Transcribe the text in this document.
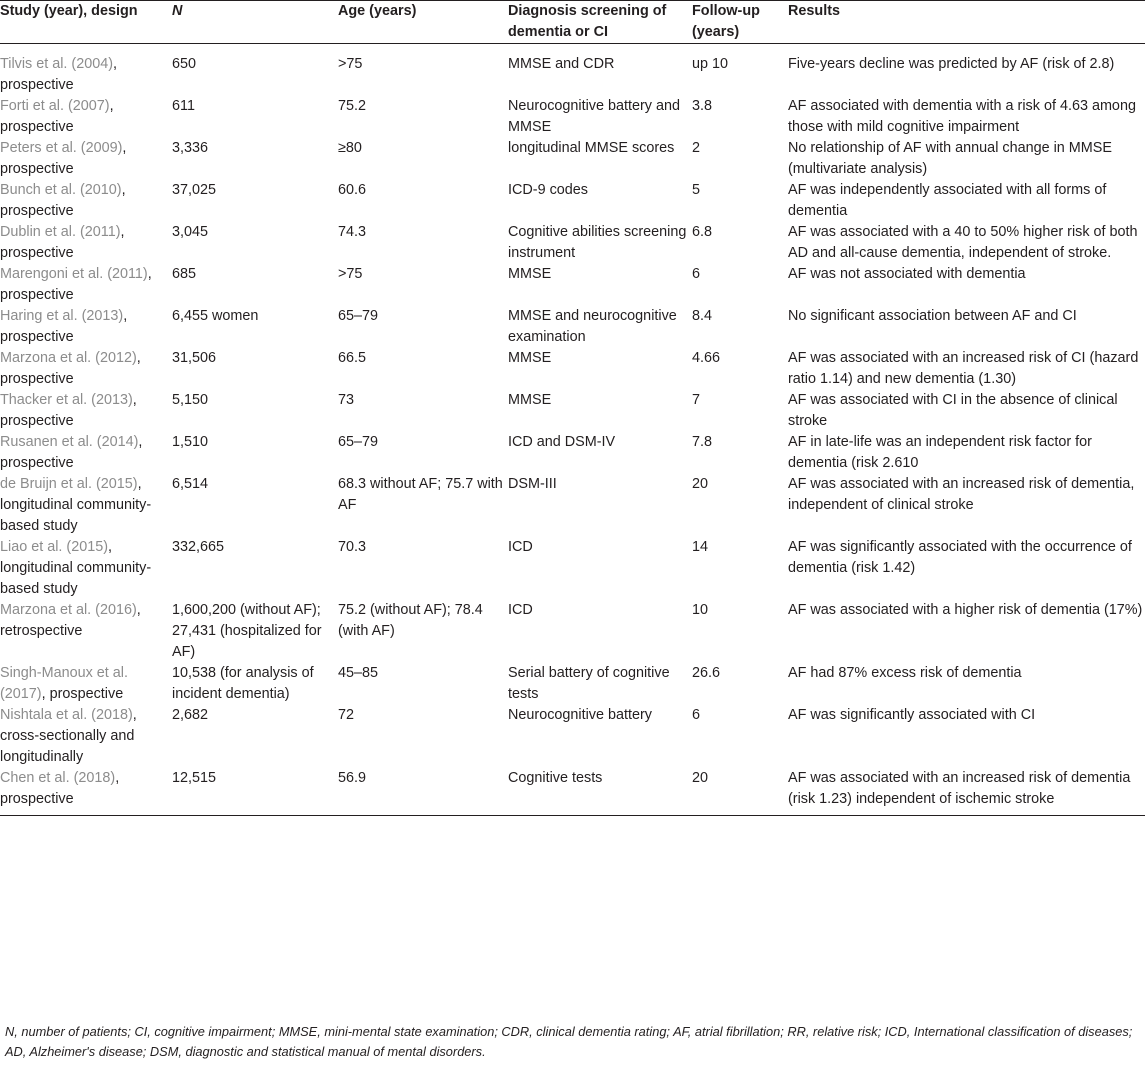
Study (year), design	N	Age (years)	Diagnosis screening of dementia or CI	Follow-up (years)	Results
Tilvis et al. (2004), prospective	650	>75	MMSE and CDR	up 10	Five-years decline was predicted by AF (risk of 2.8)
Forti et al. (2007), prospective	611	75.2	Neurocognitive battery and MMSE	3.8	AF associated with dementia with a risk of 4.63 among those with mild cognitive impairment
Peters et al. (2009), prospective	3,336	≥80	longitudinal MMSE scores	2	No relationship of AF with annual change in MMSE (multivariate analysis)
Bunch et al. (2010), prospective	37,025	60.6	ICD-9 codes	5	AF was independently associated with all forms of dementia
Dublin et al. (2011), prospective	3,045	74.3	Cognitive abilities screening instrument	6.8	AF was associated with a 40 to 50% higher risk of both AD and all-cause dementia, independent of stroke.
Marengoni et al. (2011), prospective	685	>75	MMSE	6	AF was not associated with dementia
Haring et al. (2013), prospective	6,455 women	65–79	MMSE and neurocognitive examination	8.4	No significant association between AF and CI
Marzona et al. (2012), prospective	31,506	66.5	MMSE	4.66	AF was associated with an increased risk of CI (hazard ratio 1.14) and new dementia (1.30)
Thacker et al. (2013), prospective	5,150	73	MMSE	7	AF was associated with CI in the absence of clinical stroke
Rusanen et al. (2014), prospective	1,510	65–79	ICD and DSM-IV	7.8	AF in late-life was an independent risk factor for dementia (risk 2.610
de Bruijn et al. (2015), longitudinal community-based study	6,514	68.3 without AF; 75.7 with AF	DSM-III	20	AF was associated with an increased risk of dementia, independent of clinical stroke
Liao et al. (2015), longitudinal community-based study	332,665	70.3	ICD	14	AF was significantly associated with the occurrence of dementia (risk 1.42)
Marzona et al. (2016), retrospective	1,600,200 (without AF); 27,431 (hospitalized for AF)	75.2 (without AF); 78.4 (with AF)	ICD	10	AF was associated with a higher risk of dementia (17%)
Singh-Manoux et al. (2017), prospective	10,538 (for analysis of incident dementia)	45–85	Serial battery of cognitive tests	26.6	AF had 87% excess risk of dementia
Nishtala et al. (2018), cross-sectionally and longitudinally	2,682	72	Neurocognitive battery	6	AF was significantly associated with CI
Chen et al. (2018), prospective	12,515	56.9	Cognitive tests	20	AF was associated with an increased risk of dementia (risk 1.23) independent of ischemic stroke
N, number of patients; CI, cognitive impairment; MMSE, mini-mental state examination; CDR, clinical dementia rating; AF, atrial fibrillation; RR, relative risk; ICD, International classification of diseases; AD, Alzheimer's disease; DSM, diagnostic and statistical manual of mental disorders.
